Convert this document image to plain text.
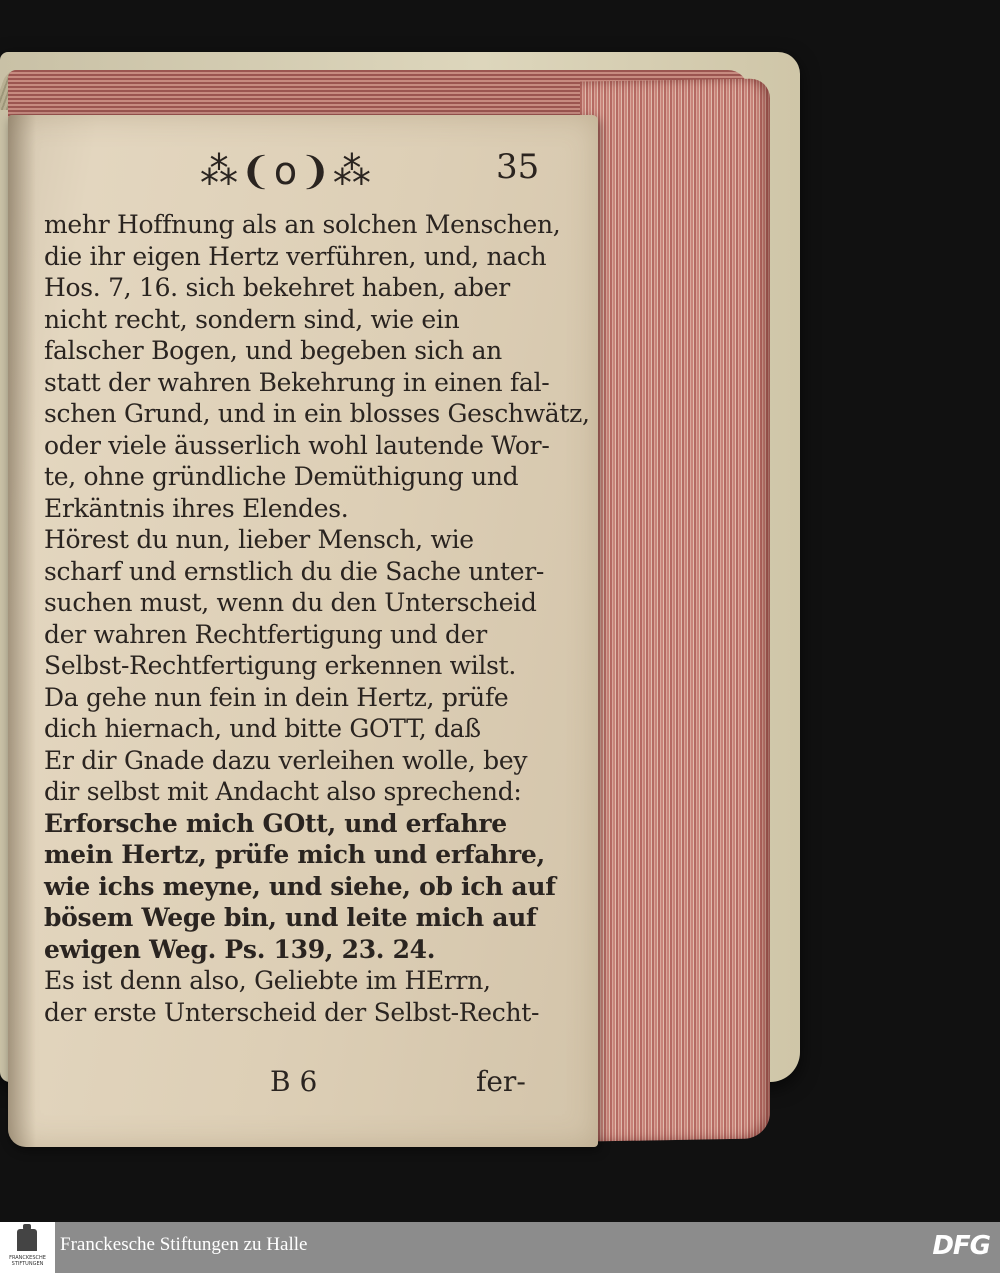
⁂❨o❩⁂	35
mehr Hoffnung als an solchen Menschen,
die ihr eigen Hertz verführen, und, nach
Hos. 7, 16. sich bekehret haben, aber
nicht recht, sondern sind, wie ein
falscher Bogen, und begeben sich an
statt der wahren Bekehrung in einen fal-
schen Grund, und in ein blosses Geschwätz,
oder viele äusserlich wohl lautende Wor-
te, ohne gründliche Demüthigung und
Erkäntnis ihres Elendes.
Hörest du nun, lieber Mensch, wie
scharf und ernstlich du die Sache unter-
suchen must, wenn du den Unterscheid
der wahren Rechtfertigung und der
Selbst-Rechtfertigung erkennen wilst.
Da gehe nun fein in dein Hertz, prüfe
dich hiernach, und bitte GOTT, daß
Er dir Gnade dazu verleihen wolle, bey
dir selbst mit Andacht also sprechend:
Erforsche mich GOtt, und erfahre
mein Hertz, prüfe mich und erfahre,
wie ichs meyne, und siehe, ob ich auf
bösem Wege bin, und leite mich auf
ewigen Weg. Ps. 139, 23. 24.
Es ist denn also, Geliebte im HErrn,
der erste Unterscheid der Selbst-Recht-
B 6	fer-
FRANCKESCHE STIFTUNGEN
Franckesche Stiftungen zu Halle	DFG
